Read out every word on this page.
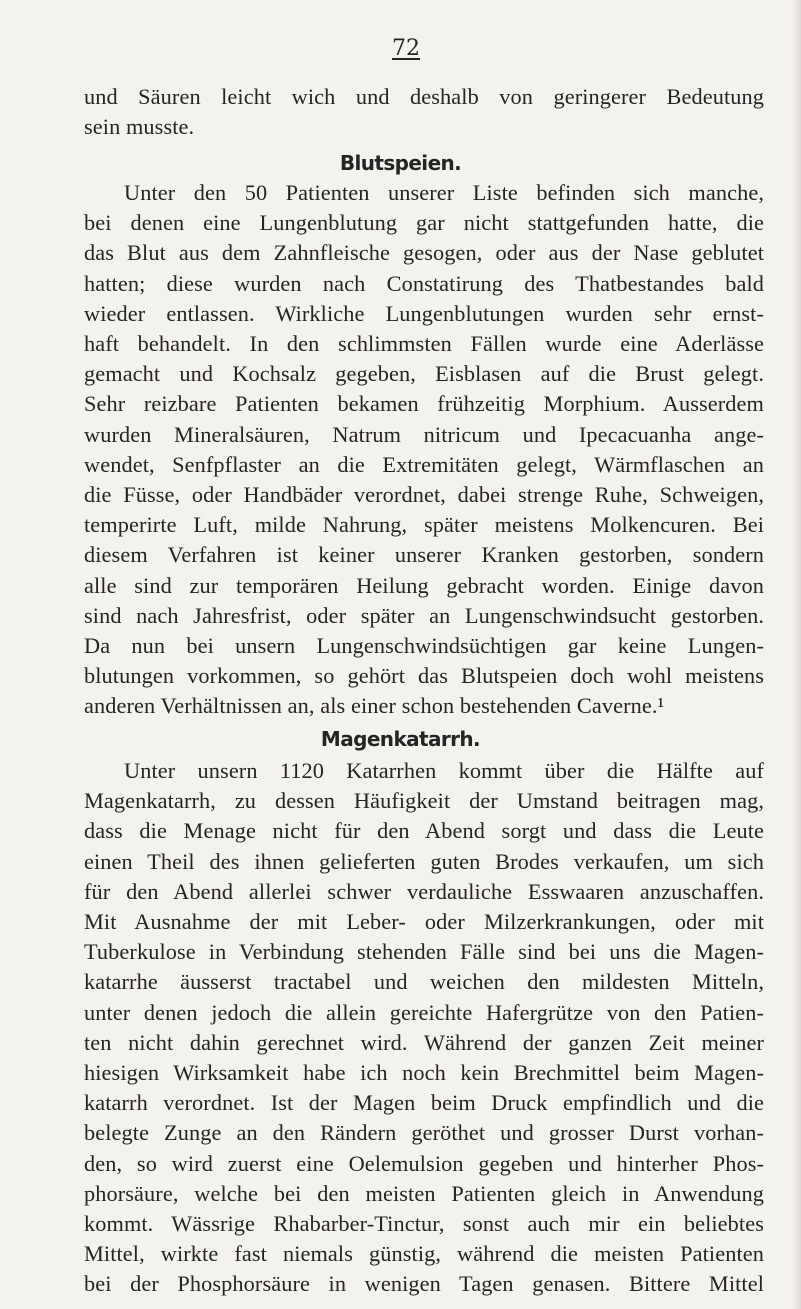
72
und Säuren leicht wich und deshalb von geringerer Bedeutung
sein musste.
Blutspeien.
Unter den 50 Patienten unserer Liste befinden sich manche,
bei denen eine Lungenblutung gar nicht stattgefunden hatte, die
das Blut aus dem Zahnfleische gesogen, oder aus der Nase geblutet
hatten; diese wurden nach Constatirung des Thatbestandes bald
wieder entlassen. Wirkliche Lungenblutungen wurden sehr ernst-
haft behandelt. In den schlimmsten Fällen wurde eine Aderlässe
gemacht und Kochsalz gegeben, Eisblasen auf die Brust gelegt.
Sehr reizbare Patienten bekamen frühzeitig Morphium. Ausserdem
wurden Mineralsäuren, Natrum nitricum und Ipecacuanha ange-
wendet, Senfpflaster an die Extremitäten gelegt, Wärmflaschen an
die Füsse, oder Handbäder verordnet, dabei strenge Ruhe, Schweigen,
temperirte Luft, milde Nahrung, später meistens Molkencuren. Bei
diesem Verfahren ist keiner unserer Kranken gestorben, sondern
alle sind zur temporären Heilung gebracht worden. Einige davon
sind nach Jahresfrist, oder später an Lungenschwindsucht gestorben.
Da nun bei unsern Lungenschwindsüchtigen gar keine Lungen-
blutungen vorkommen, so gehört das Blutspeien doch wohl meistens
anderen Verhältnissen an, als einer schon bestehenden Caverne.¹
Magenkatarrh.
Unter unsern 1120 Katarrhen kommt über die Hälfte auf
Magenkatarrh, zu dessen Häufigkeit der Umstand beitragen mag,
dass die Menage nicht für den Abend sorgt und dass die Leute
einen Theil des ihnen gelieferten guten Brodes verkaufen, um sich
für den Abend allerlei schwer verdauliche Esswaaren anzuschaffen.
Mit Ausnahme der mit Leber- oder Milzerkrankungen, oder mit
Tuberkulose in Verbindung stehenden Fälle sind bei uns die Magen-
katarrhe äusserst tractabel und weichen den mildesten Mitteln,
unter denen jedoch die allein gereichte Hafergrütze von den Patien-
ten nicht dahin gerechnet wird. Während der ganzen Zeit meiner
hiesigen Wirksamkeit habe ich noch kein Brechmittel beim Magen-
katarrh verordnet. Ist der Magen beim Druck empfindlich und die
belegte Zunge an den Rändern geröthet und grosser Durst vorhan-
den, so wird zuerst eine Oelemulsion gegeben und hinterher Phos-
phorsäure, welche bei den meisten Patienten gleich in Anwendung
kommt. Wässrige Rhabarber-Tinctur, sonst auch mir ein beliebtes
Mittel, wirkte fast niemals günstig, während die meisten Patienten
bei der Phosphorsäure in wenigen Tagen genasen. Bittere Mittel
